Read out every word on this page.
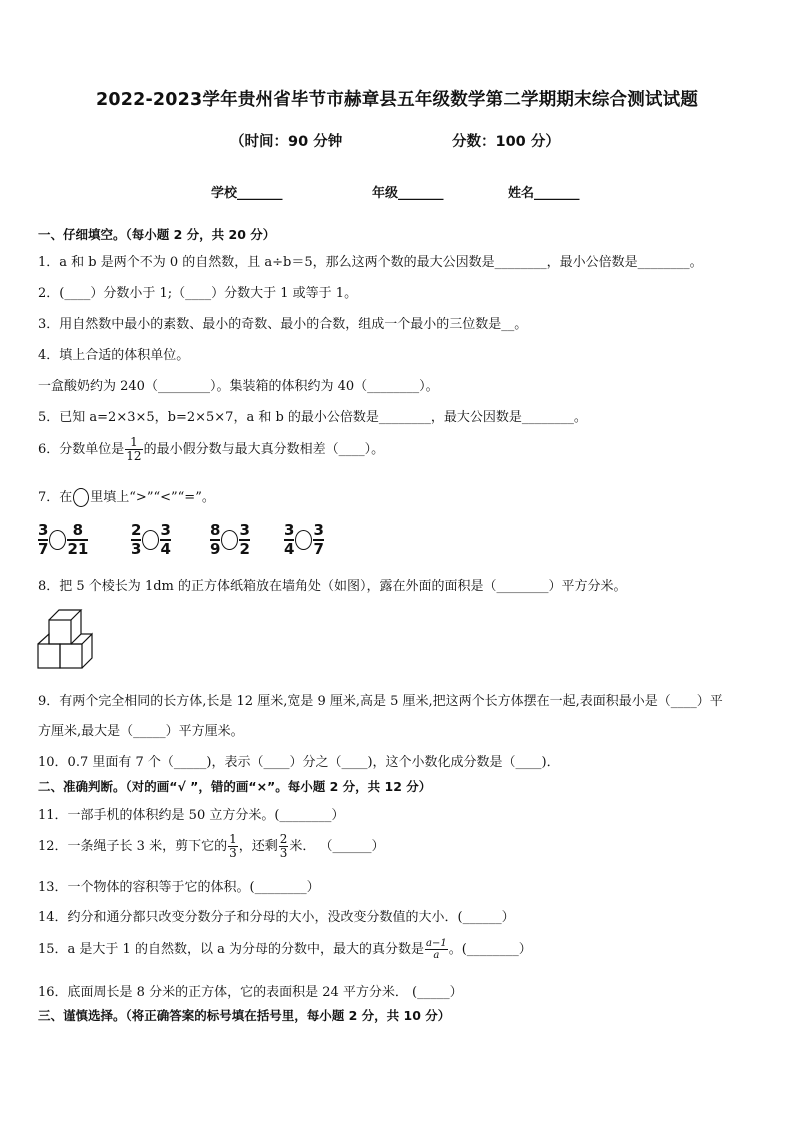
2022-2023学年贵州省毕节市赫章县五年级数学第二学期期末综合测试试题
（时间：90 分钟	分数：100 分）
学校_______	年级_______	姓名_______
一、仔细填空。（每小题 2 分，共 20 分）
1．a 和 b 是两个不为 0 的自然数，且 a÷b＝5，那么这两个数的最大公因数是________，最小公倍数是________。
2．(____）分数小于 1;（____）分数大于 1 或等于 1。
3．用自然数中最小的素数、最小的奇数、最小的合数，组成一个最小的三位数是__。
4．填上合适的体积单位。
一盒酸奶约为 240（________）。集装箱的体积约为 40（________）。
5．已知 a=2×3×5，b=2×5×7，a 和 b 的最小公倍数是________，最大公因数是________。
6．分数单位是 $\frac{1}{12}$ 的最小假分数与最大真分数相差（____）。
7．在 里填上“>”“<”“=”。
$\frac{3}{7} \frac{8}{21}$	$\frac{2}{3} \frac{3}{4}$	$\frac{8}{9} \frac{3}{2} \frac{3}{4} \frac{3}{7}$
8．把 5 个棱长为 1dm 的正方体纸箱放在墙角处（如图），露在外面的面积是（________）平方分米。
9．有两个完全相同的长方体,长是 12 厘米,宽是 9 厘米,高是 5 厘米,把这两个长方体摆在一起,表面积最小是（____）平
方厘米,最大是（_____）平方厘米。
10．0.7 里面有 7 个（_____)，表示（____）分之（____)，这个小数化成分数是（____)．
二、准确判断。（对的画“√ ”，错的画“×”。每小题 2 分，共 12 分）
11．一部手机的体积约是 50 立方分米。(________）
12．一条绳子长 3 米，剪下它的 $\frac{1}{3}$ ，还剩 $\frac{2}{3}$ 米． （______）
13．一个物体的容积等于它的体积。(________）
14．约分和通分都只改变分数分子和分母的大小，没改变分数值的大小．(______）
15．a 是大于 1 的自然数，以 a 为分母的分数中，最大的真分数是 $\frac{a-1}{a}$ 。(________）
16．底面周长是 8 分米的正方体，它的表面积是 24 平方分米． (_____）
三、谨慎选择。（将正确答案的标号填在括号里，每小题 2 分，共 10 分）
